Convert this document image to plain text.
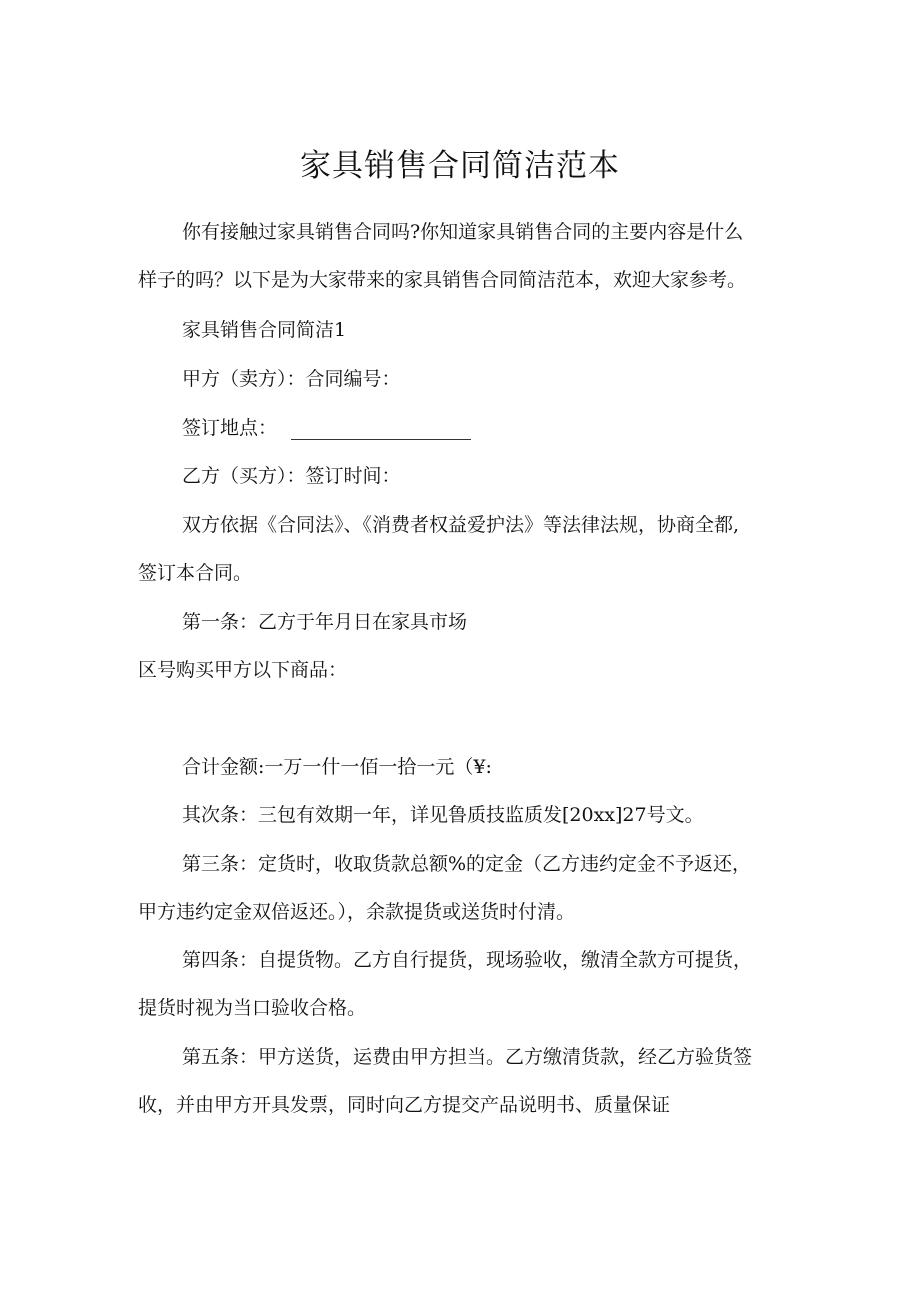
家具销售合同简洁范本

你有接触过家具销售合同吗?你知道家具销售合同的主要内容是什么

样子的吗？以下是为大家带来的家具销售合同简洁范本，欢迎大家参考。

家具销售合同简洁1

甲方（卖方）：合同编号：

签订地点：

乙方（买方）：签订时间：

双方依据《合同法》、《消费者权益爱护法》等法律法规，协商全都,

签订本合同。

第一条：乙方于年月日在家具市场

区号购买甲方以下商品：

合计金额:一万一什一佰一拾一元（¥:

其次条：三包有效期一年，详见鲁质技监质发[20xx]27号文。

第三条：定货时，收取货款总额%的定金（乙方违约定金不予返还，

甲方违约定金双倍返还。），余款提货或送货时付清。

第四条：自提货物。乙方自行提货，现场验收，缴清全款方可提货，

提货时视为当口验收合格。

第五条：甲方送货，运费由甲方担当。乙方缴清货款，经乙方验货签

收，并由甲方开具发票，同时向乙方提交产品说明书、质量保证
